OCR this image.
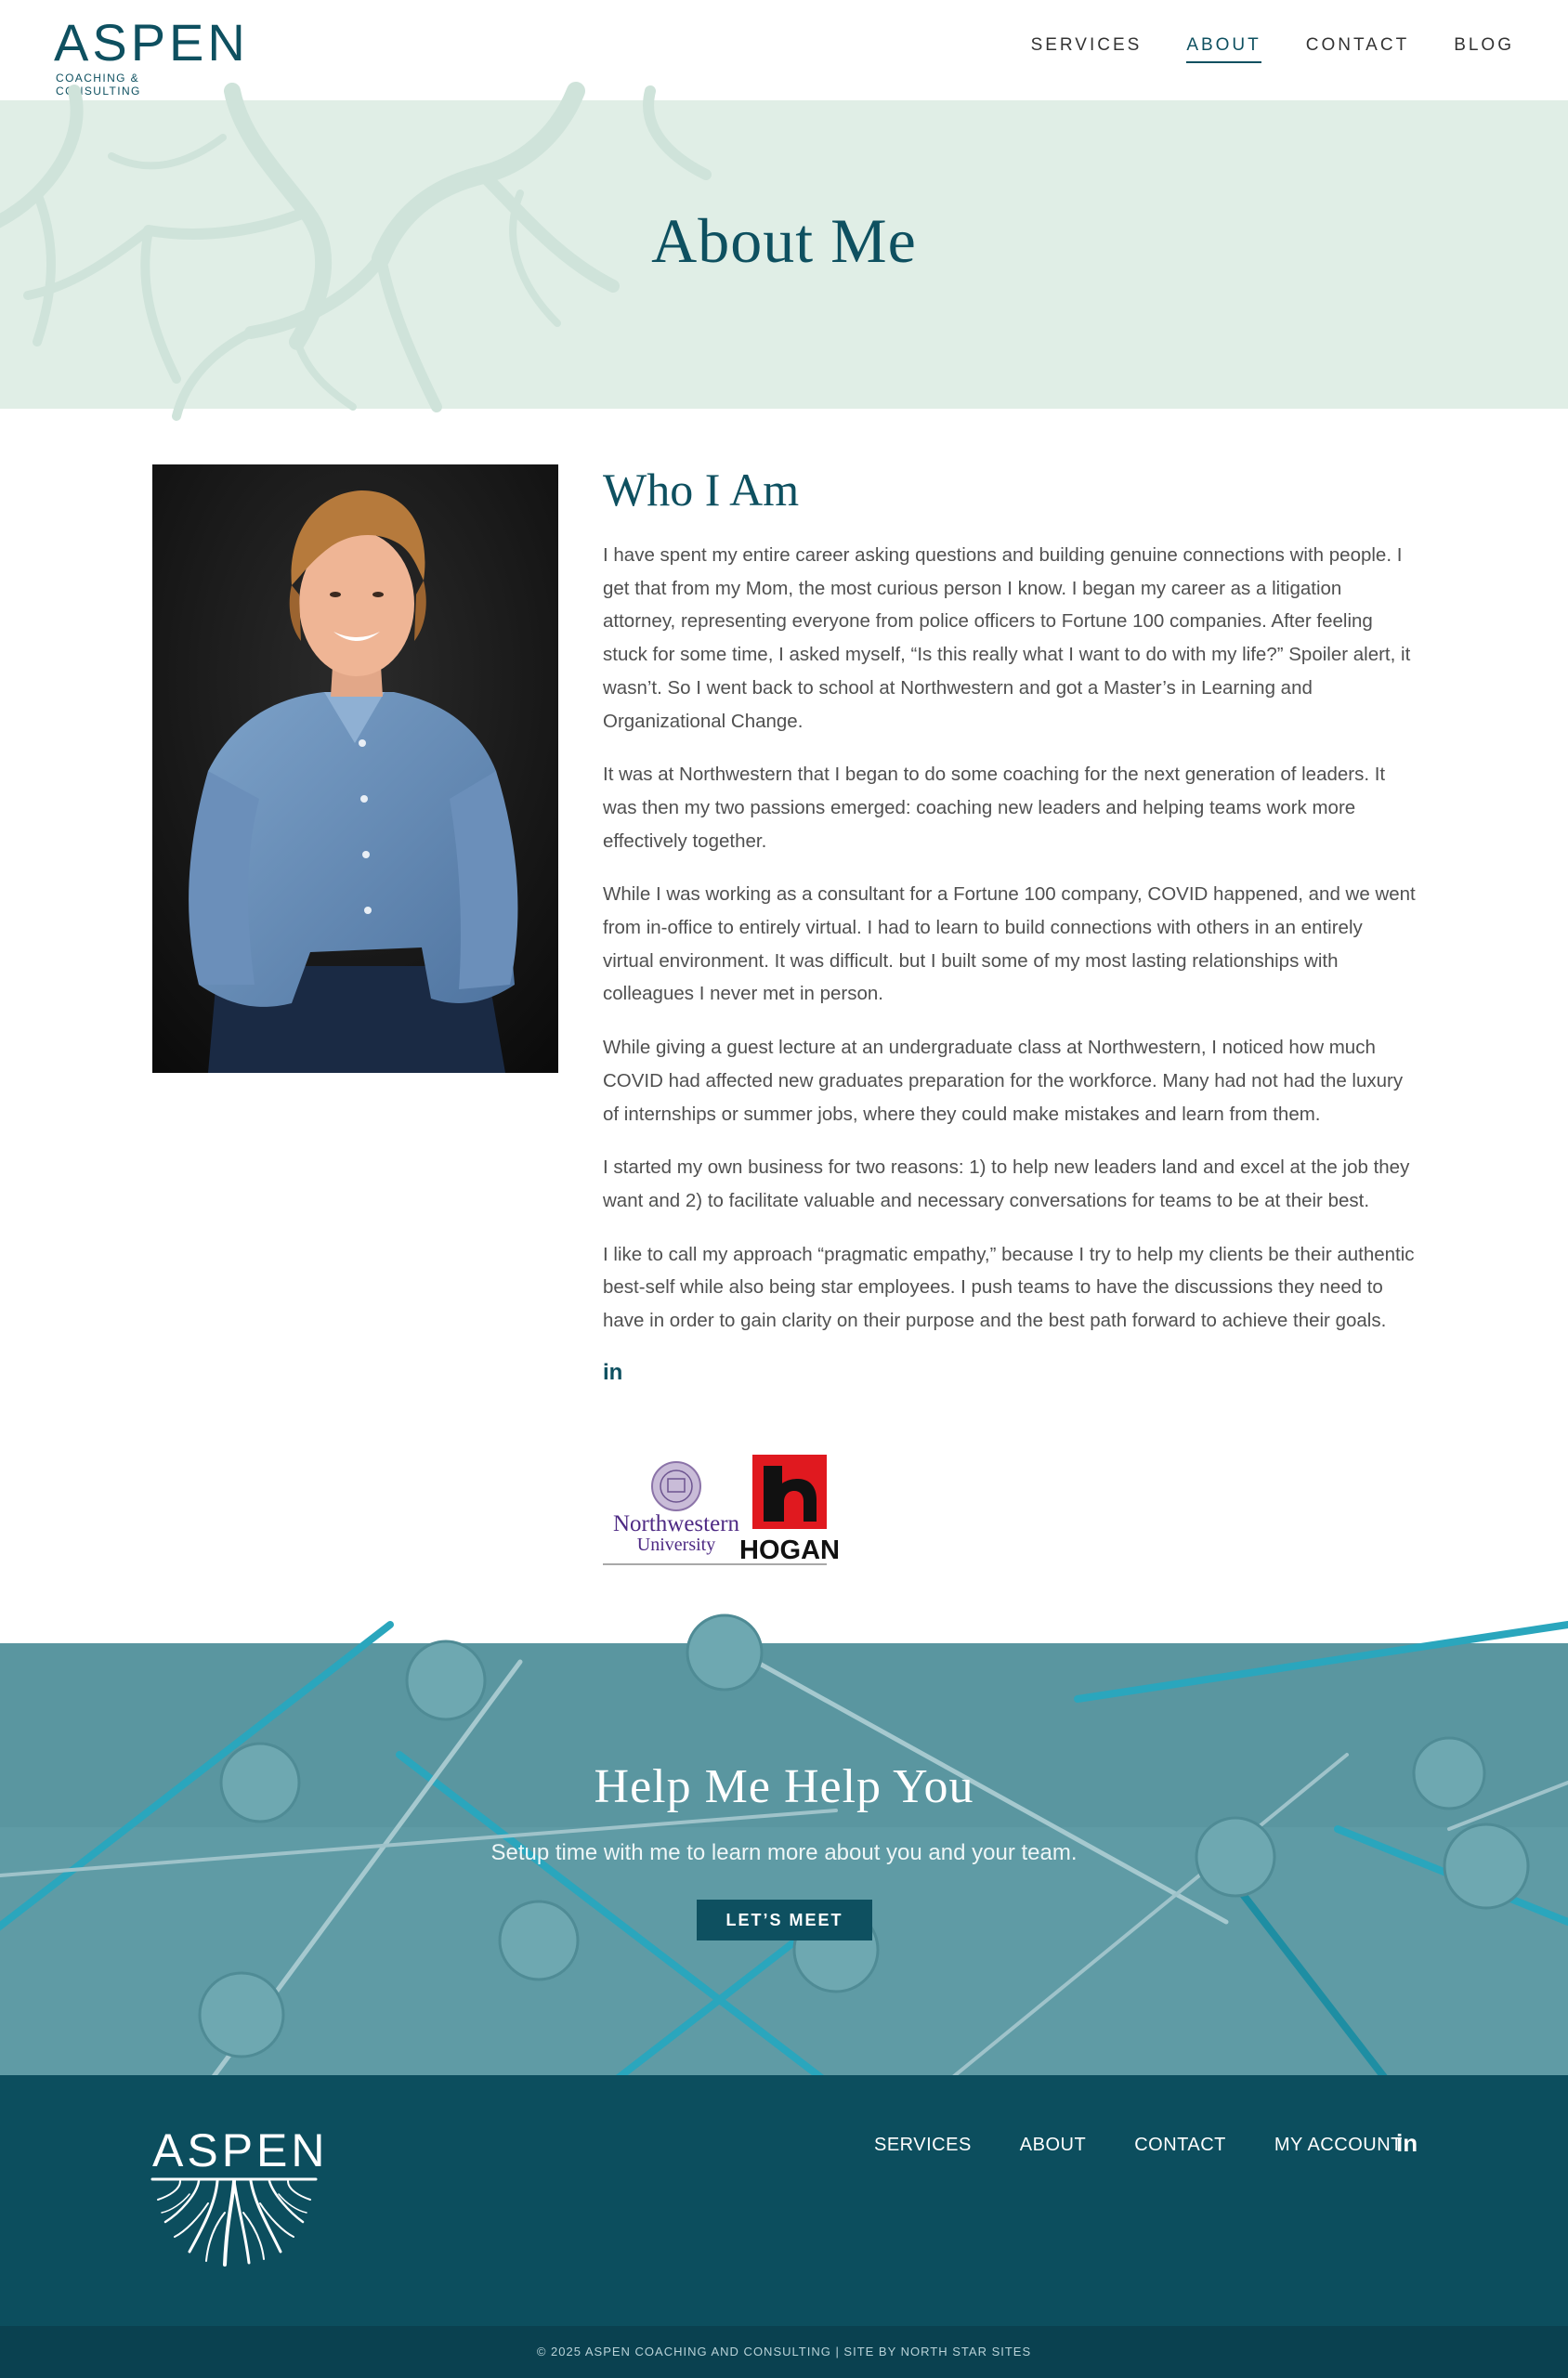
ASPEN
COACHING & CONSULTING
SERVICES	ABOUT	CONTACT	BLOG
About Me
Who I Am

I have spent my entire career asking questions and building genuine connections with people. I get that from my Mom, the most curious person I know. I began my career as a litigation attorney, representing everyone from police officers to Fortune 100 companies. After feeling stuck for some time, I asked myself, “Is this really what I want to do with my life?” Spoiler alert, it wasn’t. So I went back to school at Northwestern and got a Master’s in Learning and Organizational Change.

It was at Northwestern that I began to do some coaching for the next generation of leaders. It was then my two passions emerged: coaching new leaders and helping teams work more effectively together.

While I was working as a consultant for a Fortune 100 company, COVID happened, and we went from in-office to entirely virtual. I had to learn to build connections with others in an entirely virtual environment. It was difficult. but I built some of my most lasting relationships with colleagues I never met in person.

While giving a guest lecture at an undergraduate class at Northwestern, I noticed how much COVID had affected new graduates preparation for the workforce. Many had not had the luxury of internships or summer jobs, where they could make mistakes and learn from them.

I started my own business for two reasons: 1) to help new leaders land and excel at the job they want and 2) to facilitate valuable and necessary conversations for teams to be at their best.

I like to call my approach “pragmatic empathy,” because I try to help my clients be their authentic best-self while also being star employees. I push teams to have the discussions they need to have in order to gain clarity on their purpose and the best path forward to achieve their goals.

in
Northwestern
University HOGAN
Help Me Help You

Setup time with me to learn more about you and your team.

LET’S MEET
ASPEN	SERVICES	ABOUT	CONTACT	MY ACCOUNT
in
© 2025 ASPEN COACHING AND CONSULTING | SITE BY NORTH STAR SITES
